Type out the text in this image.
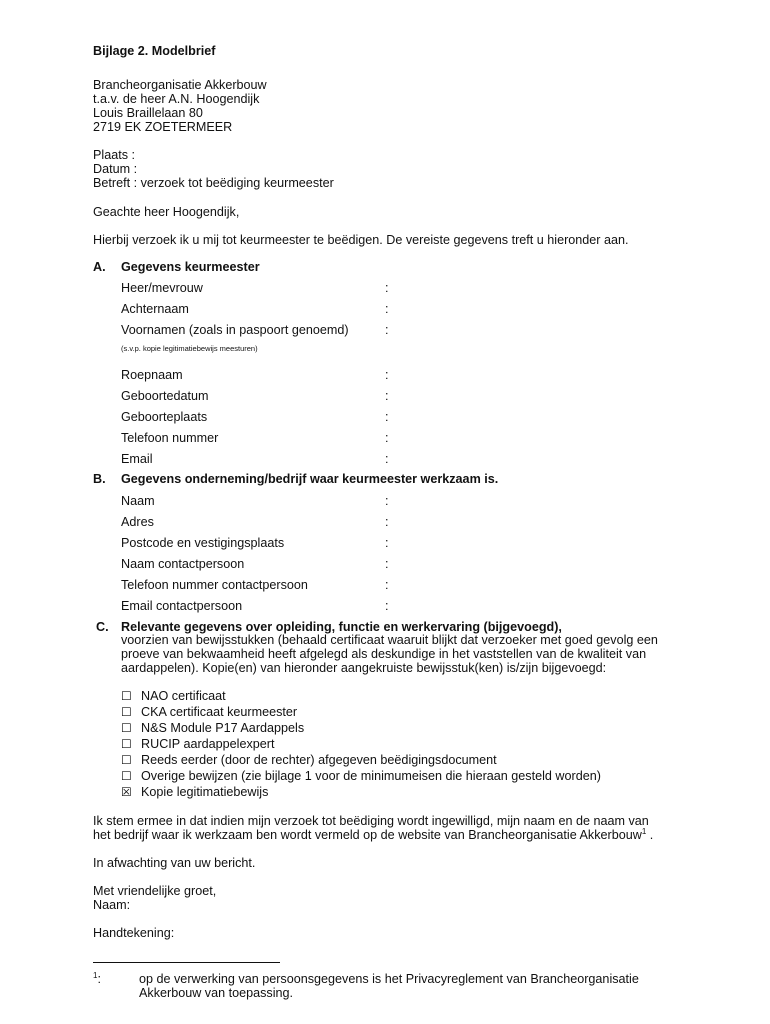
Bijlage 2. Modelbrief
Brancheorganisatie Akkerbouw
t.a.v. de heer A.N. Hoogendijk
Louis Braillelaan 80
2719 EK ZOETERMEER
Plaats :
Datum :
Betreft : verzoek tot beëdiging keurmeester
Geachte heer Hoogendijk,
Hierbij verzoek ik u mij tot keurmeester te beëdigen. De vereiste gegevens treft u hieronder aan.
A. Gegevens keurmeester
Heer/mevrouw	:
Achternaam	:
Voornamen (zoals in paspoort genoemd)	:
(s.v.p. kopie legitimatiebewijs meesturen)
Roepnaam	:
Geboortedatum	:
Geboorteplaats	:
Telefoon nummer	:
Email	:
B. Gegevens onderneming/bedrijf waar keurmeester werkzaam is.
Naam	:
Adres	:
Postcode en vestigingsplaats	:
Naam contactpersoon	:
Telefoon nummer contactpersoon	:
Email contactpersoon	:
C. Relevante gegevens over opleiding, functie en werkervaring (bijgevoegd),
voorzien van bewijsstukken (behaald certificaat waaruit blijkt dat verzoeker met goed gevolg een
proeve van bekwaamheid heeft afgelegd als deskundige in het vaststellen van de kwaliteit van
aardappelen). Kopie(en) van hieronder aangekruiste bewijsstuk(ken) is/zijn bijgevoegd:
☐ NAO certificaat
☐ CKA certificaat keurmeester
☐ N&S Module P17 Aardappels
☐ RUCIP aardappelexpert
☐ Reeds eerder (door de rechter) afgegeven beëdigingsdocument
☐ Overige bewijzen (zie bijlage 1 voor de minimumeisen die hieraan gesteld worden)
☒ Kopie legitimatiebewijs
Ik stem ermee in dat indien mijn verzoek tot beëdiging wordt ingewilligd, mijn naam en de naam van
het bedrijf waar ik werkzaam ben wordt vermeld op de website van Brancheorganisatie Akkerbouw$^1$ .
In afwachting van uw bericht.
Met vriendelijke groet,
Naam:
Handtekening:
$^1$:	op de verwerking van persoonsgegevens is het Privacyreglement van Brancheorganisatie
Akkerbouw van toepassing.
